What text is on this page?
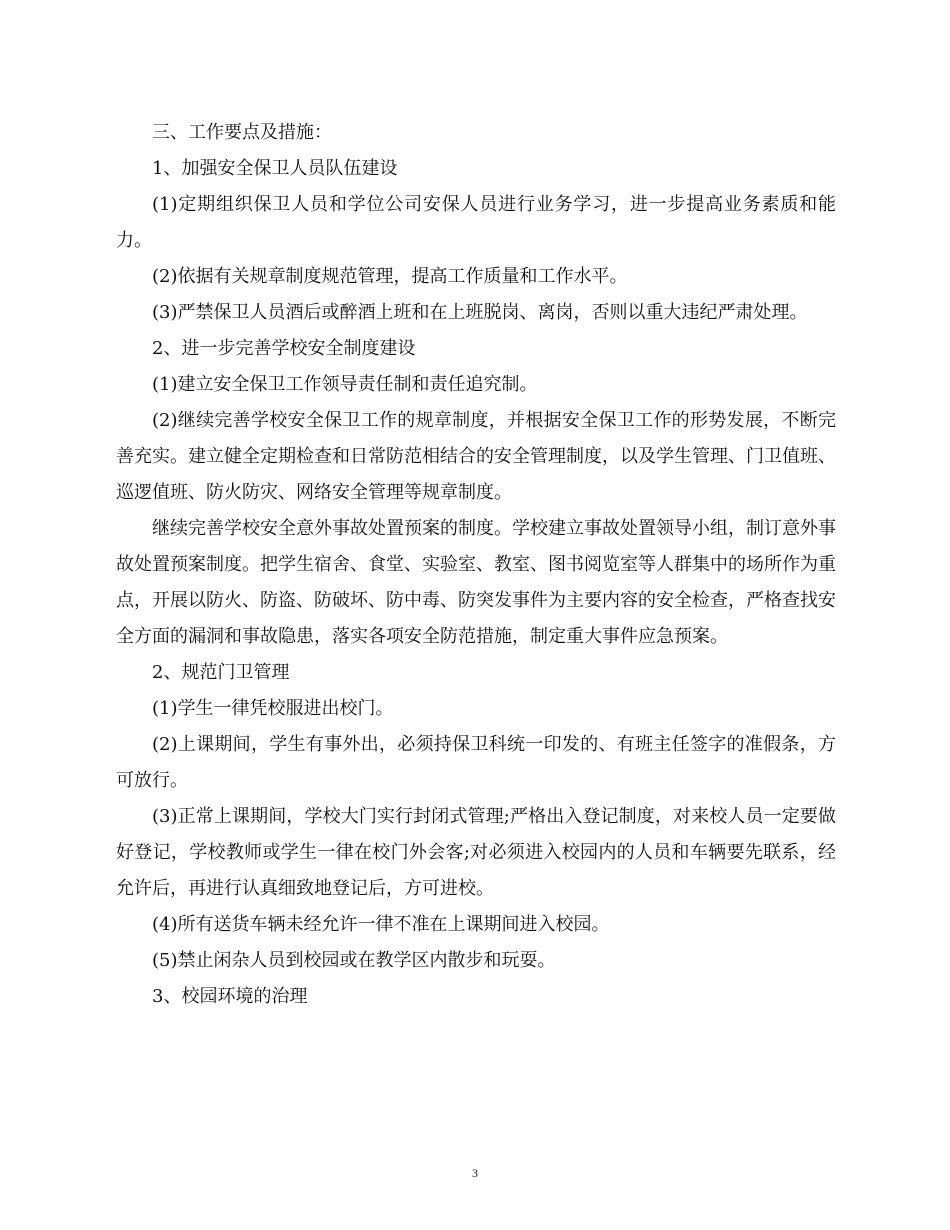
三、工作要点及措施：

1、加强安全保卫人员队伍建设

(1)定期组织保卫人员和学位公司安保人员进行业务学习，进一步提高业务素质和能力。

(2)依据有关规章制度规范管理，提高工作质量和工作水平。

(3)严禁保卫人员酒后或醉酒上班和在上班脱岗、离岗，否则以重大违纪严肃处理。

2、进一步完善学校安全制度建设

(1)建立安全保卫工作领导责任制和责任追究制。

(2)继续完善学校安全保卫工作的规章制度，并根据安全保卫工作的形势发展，不断完善充实。建立健全定期检查和日常防范相结合的安全管理制度，以及学生管理、门卫值班、巡逻值班、防火防灾、网络安全管理等规章制度。

继续完善学校安全意外事故处置预案的制度。学校建立事故处置领导小组，制订意外事故处置预案制度。把学生宿舍、食堂、实验室、教室、图书阅览室等人群集中的场所作为重点，开展以防火、防盗、防破坏、防中毒、防突发事件为主要内容的安全检查，严格查找安全方面的漏洞和事故隐患，落实各项安全防范措施，制定重大事件应急预案。

2、规范门卫管理

(1)学生一律凭校服进出校门。

(2)上课期间，学生有事外出，必须持保卫科统一印发的、有班主任签字的准假条，方可放行。

(3)正常上课期间，学校大门实行封闭式管理;严格出入登记制度，对来校人员一定要做好登记，学校教师或学生一律在校门外会客;对必须进入校园内的人员和车辆要先联系，经允许后，再进行认真细致地登记后，方可进校。

(4)所有送货车辆未经允许一律不准在上课期间进入校园。

(5)禁止闲杂人员到校园或在教学区内散步和玩耍。

3、校园环境的治理

3
